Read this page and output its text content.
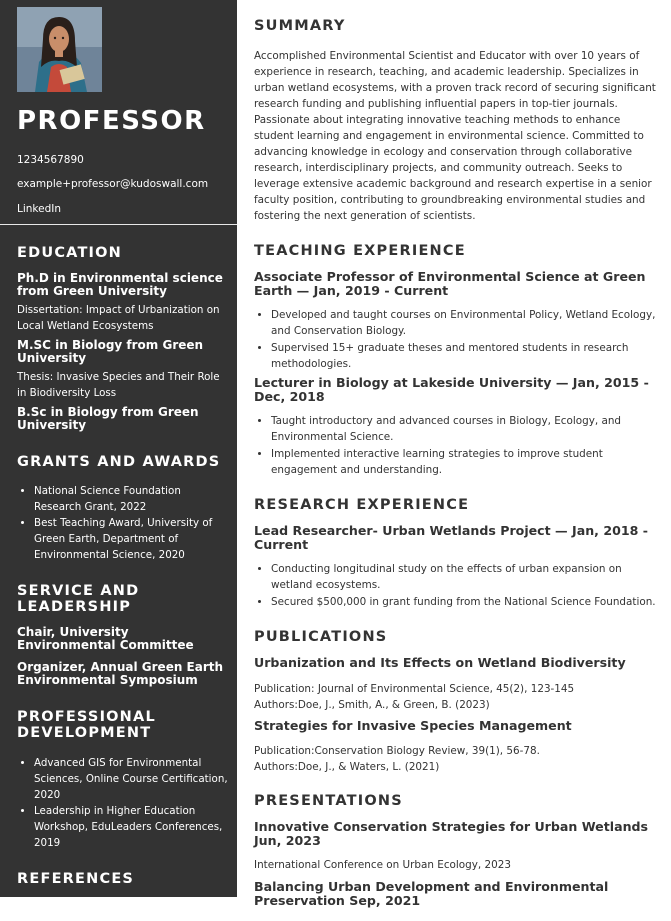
PROFESSOR
1234567890
example+professor@kudoswall.com
LinkedIn
EDUCATION
Ph.D in Environmental science from Green University
Dissertation: Impact of Urbanization on Local Wetland Ecosystems
M.SC in Biology from Green University
Thesis: Invasive Species and Their Role in Biodiversity Loss
B.Sc in Biology from Green University
GRANTS AND AWARDS
• National Science Foundation Research Grant, 2022
• Best Teaching Award, University of Green Earth, Department of Environmental Science, 2020
SERVICE AND LEADERSHIP
Chair, University Environmental Committee
Organizer, Annual Green Earth Environmental Symposium
PROFESSIONAL DEVELOPMENT
• Advanced GIS for Environmental Sciences, Online Course Certification, 2020
• Leadership in Higher Education Workshop, EduLeaders Conferences, 2019
REFERENCES
Available upon request.
SUMMARY

Accomplished Environmental Scientist and Educator with over 10 years of experience in research, teaching, and academic leadership. Specializes in urban wetland ecosystems, with a proven track record of securing significant research funding and publishing influential papers in top-tier journals. Passionate about integrating innovative teaching methods to enhance student learning and engagement in environmental science. Committed to advancing knowledge in ecology and conservation through collaborative research, interdisciplinary projects, and community outreach. Seeks to leverage extensive academic background and research expertise in a senior faculty position, contributing to groundbreaking environmental studies and fostering the next generation of scientists.

TEACHING EXPERIENCE
Associate Professor of Environmental Science at Green Earth — Jan, 2019 - Current
• Developed and taught courses on Environmental Policy, Wetland Ecology, and Conservation Biology.
• Supervised 15+ graduate theses and mentored students in research methodologies.
Lecturer in Biology at Lakeside University — Jan, 2015 - Dec, 2018
• Taught introductory and advanced courses in Biology, Ecology, and Environmental Science.
• Implemented interactive learning strategies to improve student engagement and understanding.
RESEARCH EXPERIENCE
Lead Researcher- Urban Wetlands Project — Jan, 2018 - Current
• Conducting longitudinal study on the effects of urban expansion on wetland ecosystems.
• Secured $500,000 in grant funding from the National Science Foundation.
PUBLICATIONS
Urbanization and Its Effects on Wetland Biodiversity
Publication: Journal of Environmental Science, 45(2), 123-145
Authors:Doe, J., Smith, A., & Green, B. (2023)
Strategies for Invasive Species Management
Publication:Conservation Biology Review, 39(1), 56-78.
Authors:Doe, J., & Waters, L. (2021)
PRESENTATIONS
Innovative Conservation Strategies for Urban Wetlands Jun, 2023
International Conference on Urban Ecology, 2023
Balancing Urban Development and Environmental Preservation Sep, 2021
